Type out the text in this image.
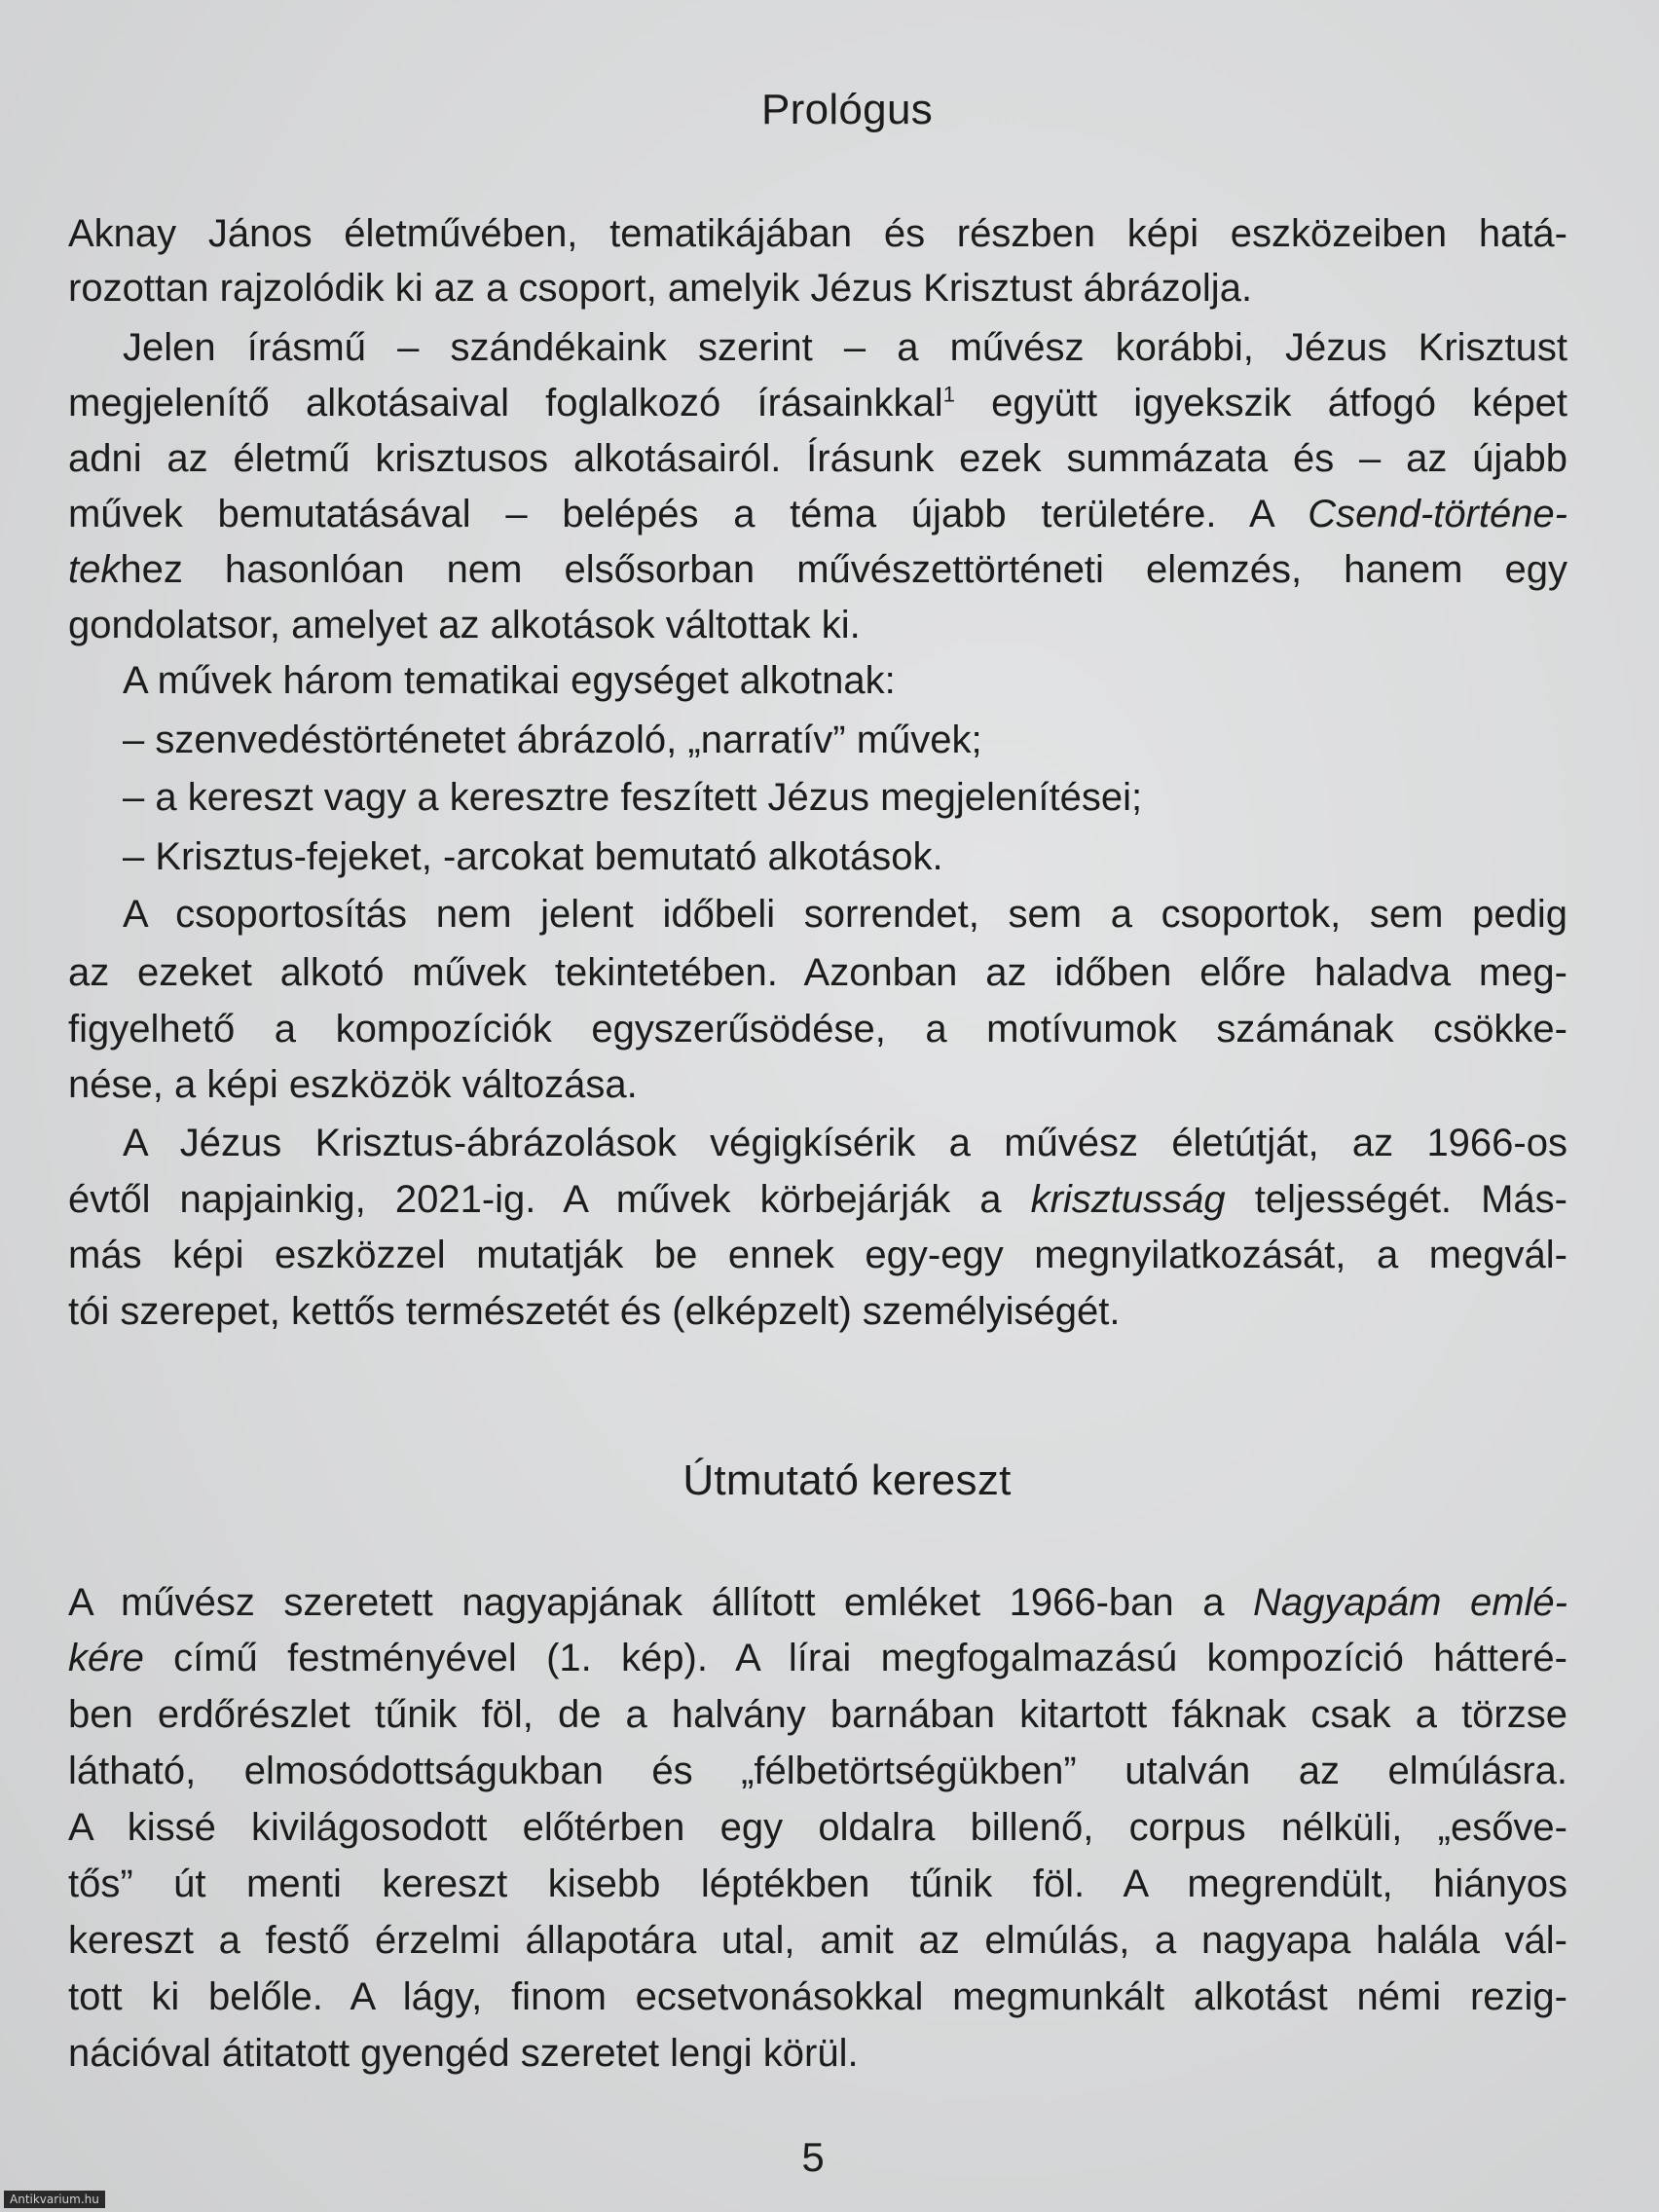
Prológus
Aknay János életművében, tematikájában és részben képi eszközeiben hatá-
rozottan rajzolódik ki az a csoport, amelyik Jézus Krisztust ábrázolja.
Jelen írásmű – szándékaink szerint – a művész korábbi, Jézus Krisztust
megjelenítő alkotásaival foglalkozó írásainkkal$^1$ együtt igyekszik átfogó képet
adni az életmű krisztusos alkotásairól. Írásunk ezek summázata és – az újabb
művek bemutatásával – belépés a téma újabb területére. A Csend-történe-
tekhez hasonlóan nem elsősorban művészettörténeti elemzés, hanem egy
gondolatsor, amelyet az alkotások váltottak ki.
A művek három tematikai egységet alkotnak:
– szenvedéstörténetet ábrázoló, „narratív” művek;
– a kereszt vagy a keresztre feszített Jézus megjelenítései;
– Krisztus-fejeket, -arcokat bemutató alkotások.
A csoportosítás nem jelent időbeli sorrendet, sem a csoportok, sem pedig
az ezeket alkotó művek tekintetében. Azonban az időben előre haladva meg-
figyelhető a kompozíciók egyszerűsödése, a motívumok számának csökke-
nése, a képi eszközök változása.
A Jézus Krisztus-ábrázolások végigkísérik a művész életútját, az 1966-os
évtől napjainkig, 2021-ig. A művek körbejárják a krisztusság teljességét. Más-
más képi eszközzel mutatják be ennek egy-egy megnyilatkozását, a megvál-
tói szerepet, kettős természetét és (elképzelt) személyiségét.
Útmutató kereszt
A művész szeretett nagyapjának állított emléket 1966-ban a Nagyapám emlé-
kére című festményével (1. kép). A lírai megfogalmazású kompozíció hátteré-
ben erdőrészlet tűnik föl, de a halvány barnában kitartott fáknak csak a törzse
látható, elmosódottságukban és „félbetörtségükben” utalván az elmúlásra.
A kissé kivilágosodott előtérben egy oldalra billenő, corpus nélküli, „esőve-
tős” út menti kereszt kisebb léptékben tűnik föl. A megrendült, hiányos
kereszt a festő érzelmi állapotára utal, amit az elmúlás, a nagyapa halála vál-
tott ki belőle. A lágy, finom ecsetvonásokkal megmunkált alkotást némi rezig-
nációval átitatott gyengéd szeretet lengi körül.
5
Antikvarium.hu
